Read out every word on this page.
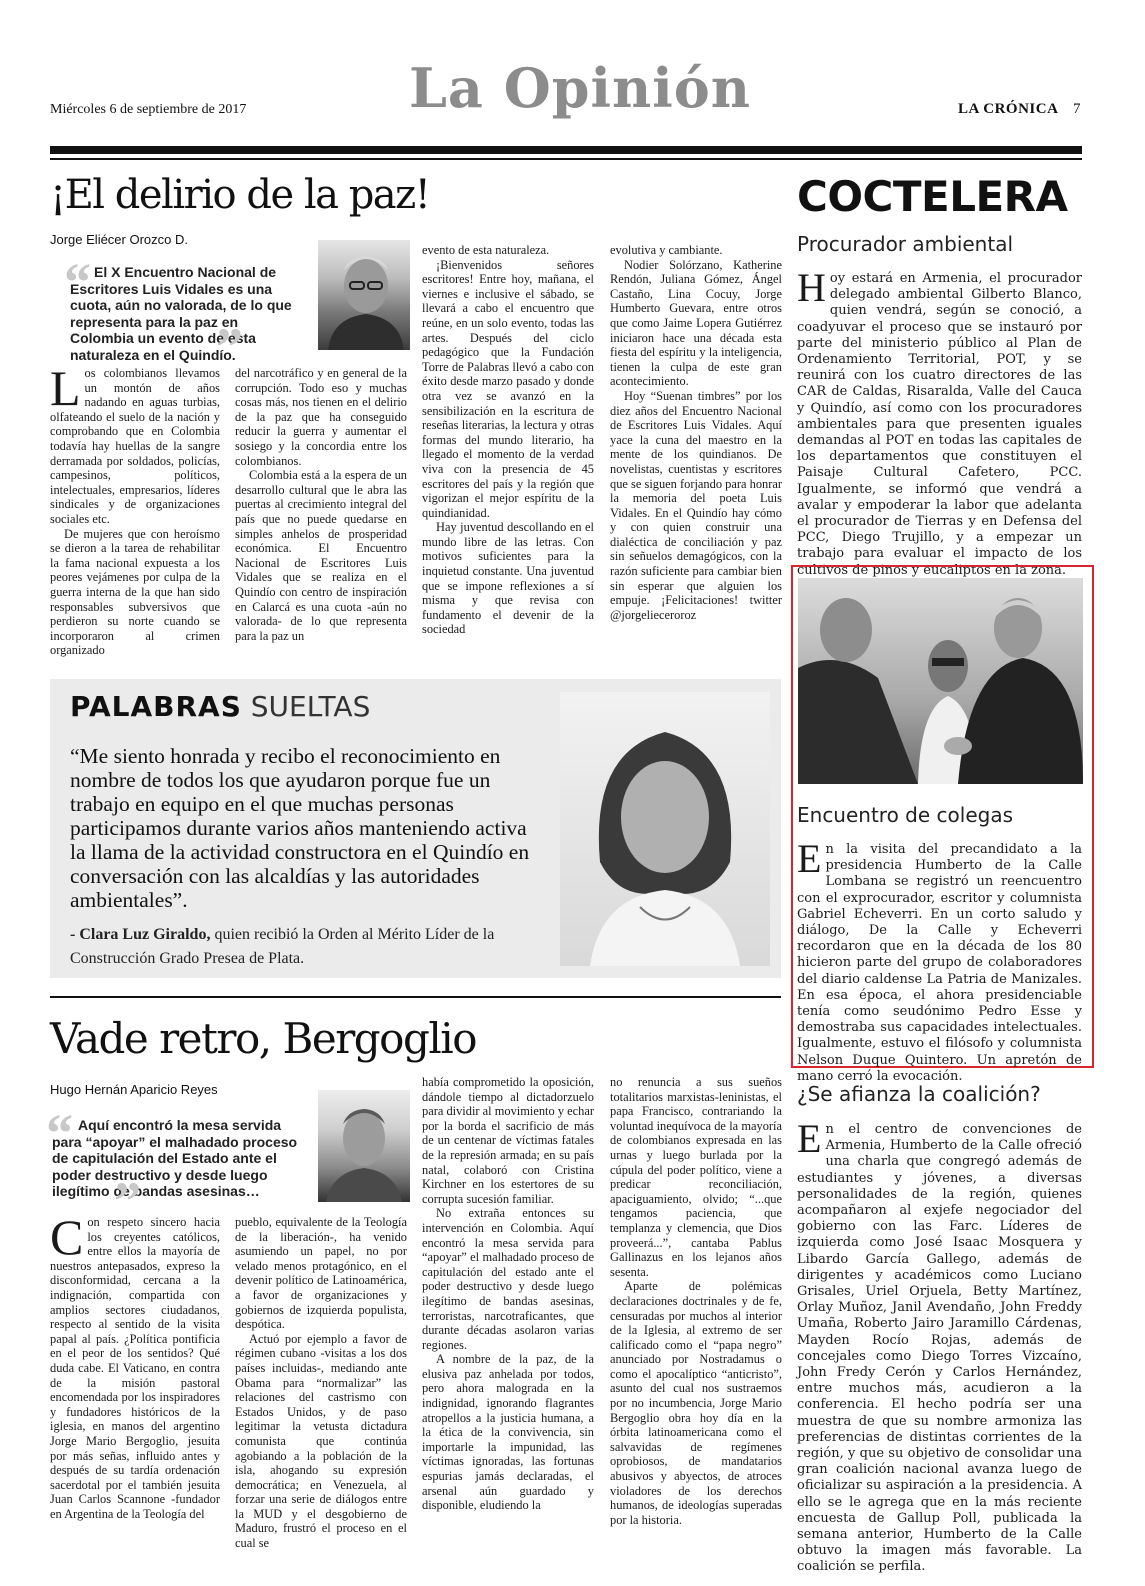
Miércoles 6 de septiembre de 2017	La Opinión	LA CRÓNICA 7
¡El delirio de la paz!
Jorge Eliécer Orozco D.
“ El X Encuentro Nacional de Escritores Luis Vidales es una cuota, aún no valorada, de lo que representa para la paz en Colombia un evento de esta naturaleza en el Quindío.
”

Los colombianos llevamos un montón de años nadando en aguas turbias, olfateando el suelo de la nación y comprobando que en Colombia todavía hay huellas de la sangre derramada por soldados, policías, campesinos, políticos, intelectuales, empresarios, líderes sindicales y de organizaciones sociales etc.

De mujeres que con heroísmo se dieron a la tarea de rehabilitar la fama nacional expuesta a los peores vejámenes por culpa de la guerra interna de la que han sido responsables subversivos que perdieron su norte cuando se incorporaron al crimen organizado

del narcotráfico y en general de la corrupción. Todo eso y muchas cosas más, nos tienen en el delirio de la paz que ha conseguido reducir la guerra y aumentar el sosiego y la concordia entre los colombianos.

Colombia está a la espera de un desarrollo cultural que le abra las puertas al crecimiento integral del país que no puede quedarse en simples anhelos de prosperidad económica. El Encuentro Nacional de Escritores Luis Vidales que se realiza en el Quindío con centro de inspiración en Calarcá es una cuota -aún no valorada- de lo que representa para la paz un

evento de esta naturaleza.

¡Bienvenidos señores escritores! Entre hoy, mañana, el viernes e inclusive el sábado, se llevará a cabo el encuentro que reúne, en un solo evento, todas las artes. Después del ciclo pedagógico que la Fundación Torre de Palabras llevó a cabo con éxito desde marzo pasado y donde otra vez se avanzó en la sensibilización en la escritura de reseñas literarias, la lectura y otras formas del mundo literario, ha llegado el momento de la verdad viva con la presencia de 45 escritores del país y la región que vigorizan el mejor espíritu de la quindianidad.

Hay juventud descollando en el mundo libre de las letras. Con motivos suficientes para la inquietud constante. Una juventud que se impone reflexiones a sí misma y que revisa con fundamento el devenir de la sociedad

evolutiva y cambiante.

Nodier Solórzano, Katherine Rendón, Juliana Gómez, Ángel Castaño, Lina Cocuy, Jorge Humberto Guevara, entre otros que como Jaime Lopera Gutiérrez iniciaron hace una década esta fiesta del espíritu y la inteligencia, tienen la culpa de este gran acontecimiento.

Hoy “Suenan timbres” por los diez años del Encuentro Nacional de Escritores Luis Vidales. Aquí yace la cuna del maestro en la mente de los quindianos. De novelistas, cuentistas y escritores que se siguen forjando para honrar la memoria del poeta Luis Vidales. En el Quindío hay cómo y con quien construir una dialéctica de conciliación y paz sin señuelos demagógicos, con la razón suficiente para cambiar bien sin esperar que alguien los empuje. ¡Felicitaciones! twitter @jorgelieceroroz

PALABRAS SUELTAS
“Me siento honrada y recibo el reconocimiento en nombre de todos los que ayudaron porque fue un trabajo en equipo en el que muchas personas participamos durante varios años manteniendo activa la llama de la actividad constructora en el Quindío en conversación con las alcaldías y las autoridades ambientales”.
- Clara Luz Giraldo, quien recibió la Orden al Mérito Líder de la Construcción Grado Presea de Plata.
Vade retro, Bergoglio
Hugo Hernán Aparicio Reyes
“ Aquí encontró la mesa servida para “apoyar” el malhadado proceso de capitulación del Estado ante el poder destructivo y desde luego ilegítimo de bandas asesinas…
”

Con respeto sincero hacia los creyentes católicos, entre ellos la mayoría de nuestros antepasados, expreso la disconformidad, cercana a la indignación, compartida con amplios sectores ciudadanos, respecto al sentido de la visita papal al país. ¿Política pontificia en el peor de los sentidos? Qué duda cabe. El Vaticano, en contra de la misión pastoral encomendada por los inspiradores y fundadores históricos de la iglesia, en manos del argentino Jorge Mario Bergoglio, jesuita por más señas, influido antes y después de su tardía ordenación sacerdotal por el también jesuita Juan Carlos Scannone -fundador en Argentina de la Teología del

pueblo, equivalente de la Teología de la liberación-, ha venido asumiendo un papel, no por velado menos protagónico, en el devenir político de Latinoamérica, a favor de organizaciones y gobiernos de izquierda populista, despótica.

Actuó por ejemplo a favor de régimen cubano -visitas a los dos países incluidas-, mediando ante Obama para “normalizar” las relaciones del castrismo con Estados Unidos, y de paso legitimar la vetusta dictadura comunista que continúa agobiando a la población de la isla, ahogando su expresión democrática; en Venezuela, al forzar una serie de diálogos entre la MUD y el desgobierno de Maduro, frustró el proceso en el cual se

había comprometido la oposición, dándole tiempo al dictadorzuelo para dividir al movimiento y echar por la borda el sacrificio de más de un centenar de víctimas fatales de la represión armada; en su país natal, colaboró con Cristina Kirchner en los estertores de su corrupta sucesión familiar.

No extraña entonces su intervención en Colombia. Aquí encontró la mesa servida para “apoyar” el malhadado proceso de capitulación del estado ante el poder destructivo y desde luego ilegítimo de bandas asesinas, terroristas, narcotraficantes, que durante décadas asolaron varias regiones.

A nombre de la paz, de la elusiva paz anhelada por todos, pero ahora malograda en la indignidad, ignorando flagrantes atropellos a la justicia humana, a la ética de la convivencia, sin importarle la impunidad, las víctimas ignoradas, las fortunas espurias jamás declaradas, el arsenal aún guardado y disponible, eludiendo la

no renuncia a sus sueños totalitarios marxistas-leninistas, el papa Francisco, contrariando la voluntad inequívoca de la mayoría de colombianos expresada en las urnas y luego burlada por la cúpula del poder político, viene a predicar reconciliación, apaciguamiento, olvido; “...que tengamos paciencia, que templanza y clemencia, que Dios proveerá...”, cantaba Pablus Gallinazus en los lejanos años sesenta.

Aparte de polémicas declaraciones doctrinales y de fe, censuradas por muchos al interior de la Iglesia, al extremo de ser calificado como el “papa negro” anunciado por Nostradamus o como el apocalíptico “anticristo”, asunto del cual nos sustraemos por no incumbencia, Jorge Mario Bergoglio obra hoy día en la órbita latinoamericana como el salvavidas de regímenes oprobiosos, de mandatarios abusivos y abyectos, de atroces violadores de los derechos humanos, de ideologías superadas por la historia.

COCTELERA
Procurador ambiental
Hoy estará en Armenia, el procurador delegado ambiental Gilberto Blanco, quien vendrá, según se conoció, a coadyuvar el proceso que se instauró por parte del ministerio público al Plan de Ordenamiento Territorial, POT, y se reunirá con los cuatro directores de las CAR de Caldas, Risaralda, Valle del Cauca y Quindío, así como con los procuradores ambientales para que presenten iguales demandas al POT en todas las capitales de los departamentos que constituyen el Paisaje Cultural Cafetero, PCC. Igualmente, se informó que vendrá a avalar y empoderar la labor que adelanta el procurador de Tierras y en Defensa del PCC, Diego Trujillo, y a empezar un trabajo para evaluar el impacto de los cultivos de pinos y eucaliptos en la zona.
Encuentro de colegas
En la visita del precandidato a la presidencia Humberto de la Calle Lombana se registró un reencuentro con el exprocurador, escritor y columnista Gabriel Echeverri. En un corto saludo y diálogo, De la Calle y Echeverri recordaron que en la década de los 80 hicieron parte del grupo de colaboradores del diario caldense La Patria de Manizales. En esa época, el ahora presidenciable tenía como seudónimo Pedro Esse y demostraba sus capacidades intelectuales. Igualmente, estuvo el filósofo y columnista Nelson Duque Quintero. Un apretón de mano cerró la evocación.
¿Se afianza la coalición?
En el centro de convenciones de Armenia, Humberto de la Calle ofreció una charla que congregó además de estudiantes y jóvenes, a diversas personalidades de la región, quienes acompañaron al exjefe negociador del gobierno con las Farc. Líderes de izquierda como José Isaac Mosquera y Libardo García Gallego, además de dirigentes y académicos como Luciano Grisales, Uriel Orjuela, Betty Martínez, Orlay Muñoz, Janil Avendaño, John Freddy Umaña, Roberto Jairo Jaramillo Cárdenas, Mayden Rocío Rojas, además de concejales como Diego Torres Vizcaíno, John Fredy Cerón y Carlos Hernández, entre muchos más, acudieron a la conferencia. El hecho podría ser una muestra de que su nombre armoniza las preferencias de distintas corrientes de la región, y que su objetivo de consolidar una gran coalición nacional avanza luego de oficializar su aspiración a la presidencia. A ello se le agrega que en la más reciente encuesta de Gallup Poll, publicada la semana anterior, Humberto de la Calle obtuvo la imagen más favorable. La coalición se perfila.
